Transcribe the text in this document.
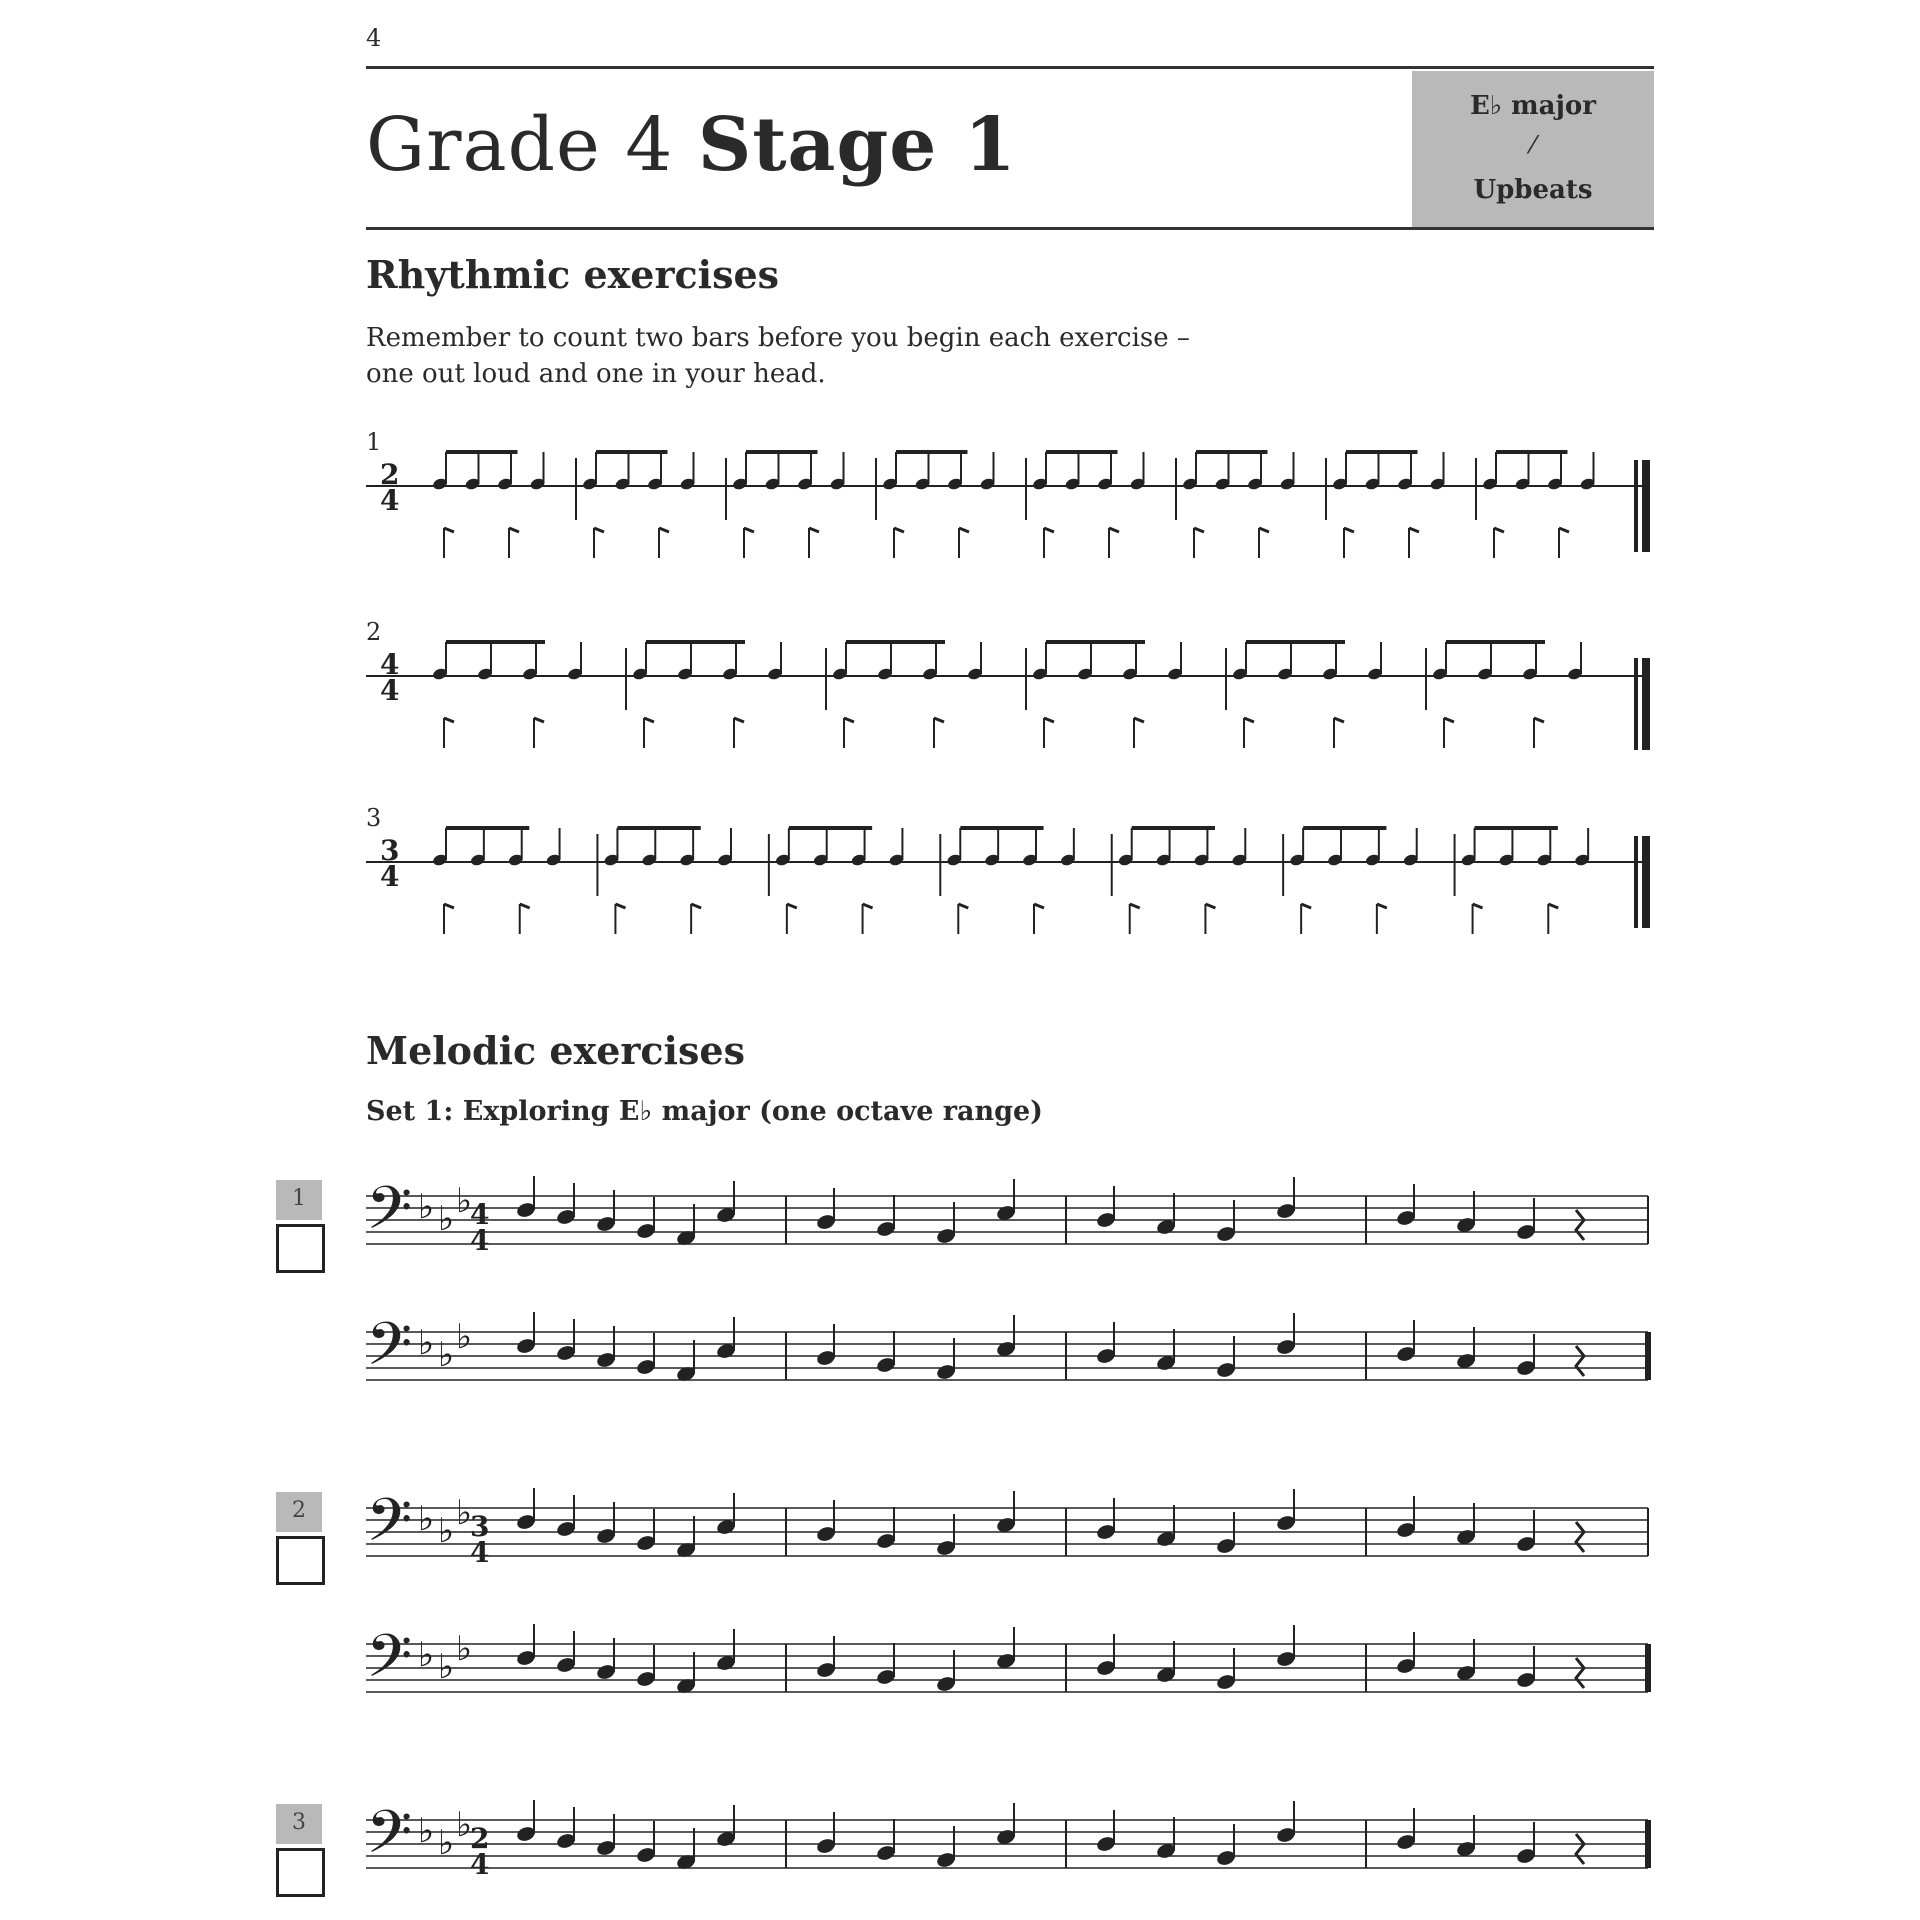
4
Grade 4 Stage 1	E♭ major
⁄
Upbeats
Rhythmic exercises
Remember to count two bars before you begin each exercise –
one out loud and one in your head.
1
2
4
2
4
4
3
3
4
Melodic exercises
Set 1: Exploring E♭ major (one octave range)
1	4
4
𝄢 ♭ ♭ ♭
𝄢 ♭ ♭ ♭
2	3
4
𝄢 ♭ ♭ ♭
𝄢 ♭ ♭ ♭
3	2
4
𝄢 ♭ ♭ ♭
